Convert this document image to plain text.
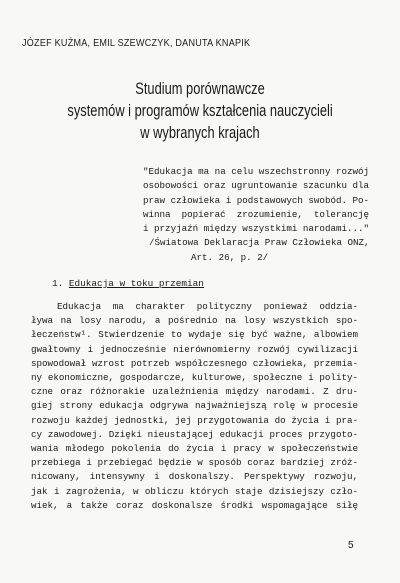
JÓZEF KUŹMA, EMIL SZEWCZYK, DANUTA KNAPIK
Studium porównawcze
systemów i programów kształcenia nauczycieli
w wybranych krajach
"Edukacja ma na celu wszechstronny rozwój
osobowości oraz ugruntowanie szacunku dla
praw człowieka i podstawowych swobód. Po-
winna popierać zrozumienie, tolerancję
i przyjaźń między wszystkimi narodami..."
/Światowa Deklaracja Praw Człowieka ONZ,
Art. 26, p. 2/
1. Edukacja w toku przemian
Edukacja ma charakter polityczny ponieważ oddzia-
ływa na losy narodu, a pośrednio na losy wszystkich spo-
łeczeństw¹. Stwierdzenie to wydaje się być ważne, albowiem
gwałtowny i jednocześnie nierównomierny rozwój cywilizacji
spowodował wzrost potrzeb współczesnego człowieka, przemia-
ny ekonomiczne, gospodarcze, kulturowe, społeczne i polity-
czne oraz różnorakie uzależnienia między narodami. Z dru-
giej strony edukacja odgrywa najważniejszą rolę w procesie
rozwoju każdej jednostki, jej przygotowania do życia i pra-
cy zawodowej. Dzięki nieustającej edukacji proces przygoto-
wania młodego pokolenia do życia i pracy w społeczeństwie
przebiega i przebiegać będzie w sposób coraz bardziej zróż-
nicowany, intensywny i doskonalszy. Perspektywy rozwoju,
jak i zagrożenia, w obliczu których staje dzisiejszy czło-
wiek, a także coraz doskonalsze środki wspomagające siłę
5
